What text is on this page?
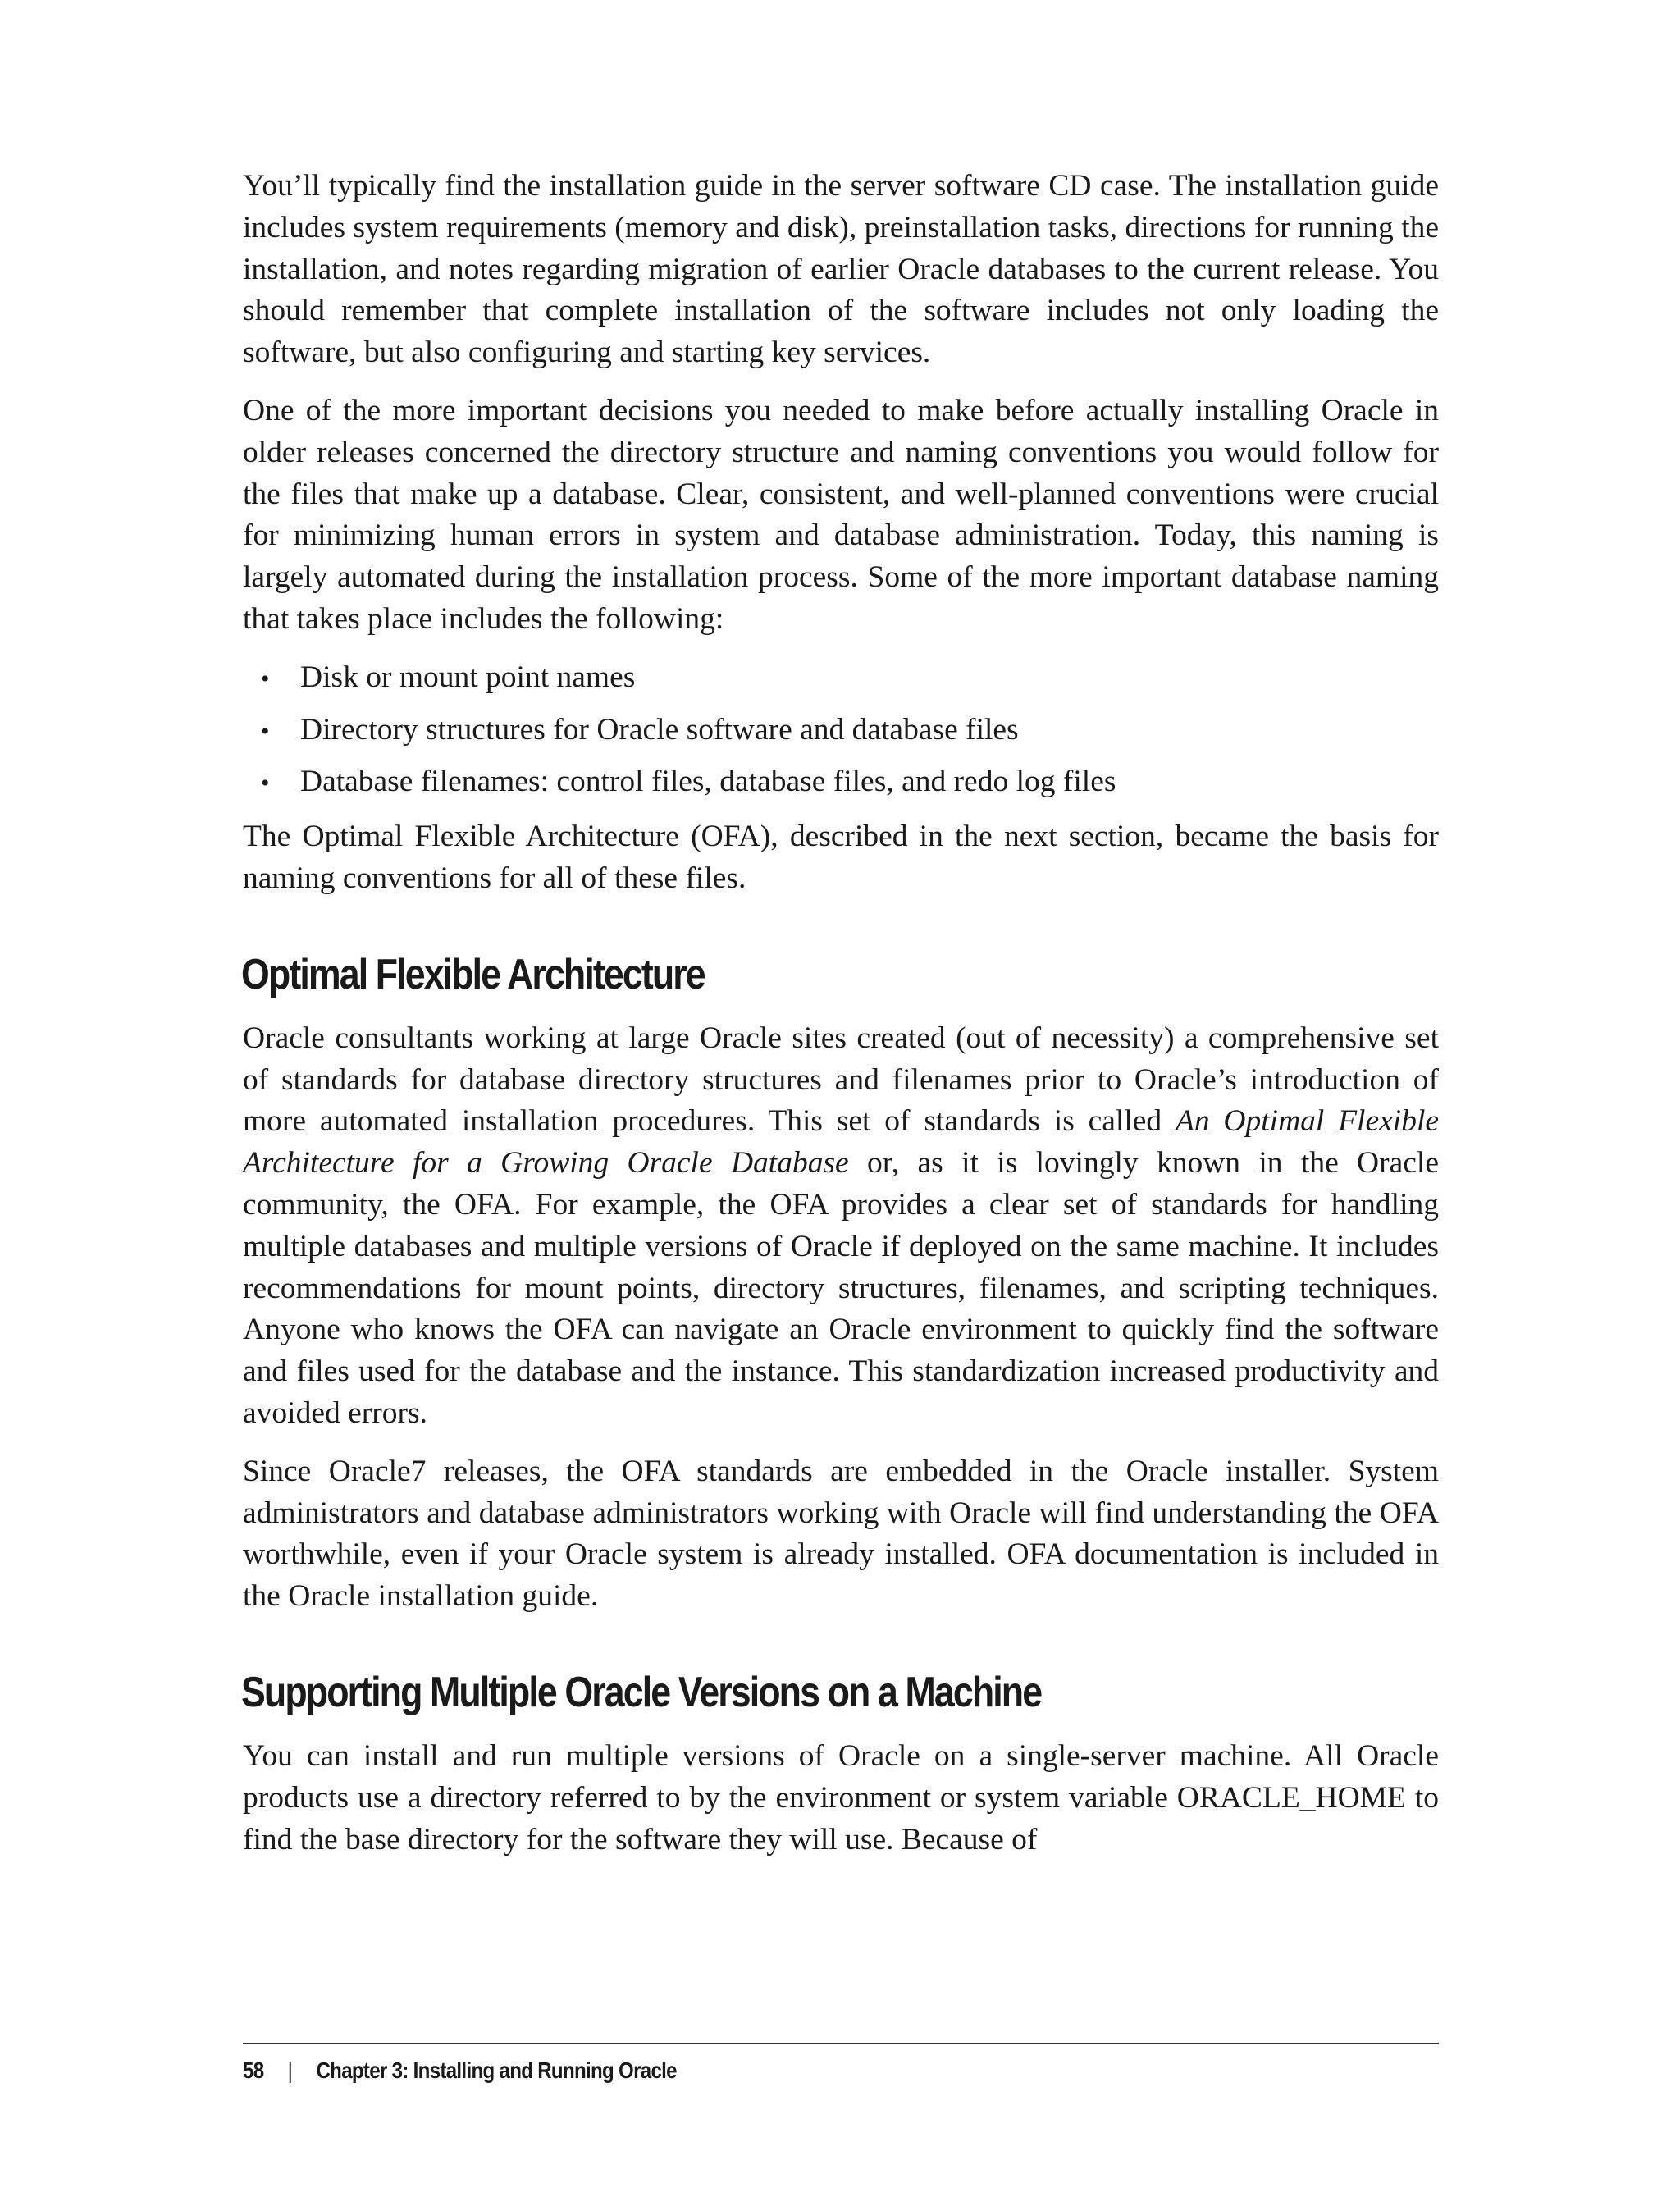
You’ll typically find the installation guide in the server software CD case. The installation guide includes system requirements (memory and disk), preinstallation tasks, directions for running the installation, and notes regarding migration of earlier Oracle databases to the current release. You should remember that complete installation of the software includes not only loading the software, but also configuring and starting key services.

One of the more important decisions you needed to make before actually installing Oracle in older releases concerned the directory structure and naming conventions you would follow for the files that make up a database. Clear, consistent, and well-planned conventions were crucial for minimizing human errors in system and database administration. Today, this naming is largely automated during the installation process. Some of the more important database naming that takes place includes the following:

• Disk or mount point names
• Directory structures for Oracle software and database files
• Database filenames: control files, database files, and redo log files

The Optimal Flexible Architecture (OFA), described in the next section, became the basis for naming conventions for all of these files.

Optimal Flexible Architecture

Oracle consultants working at large Oracle sites created (out of necessity) a comprehensive set of standards for database directory structures and filenames prior to Oracle’s introduction of more automated installation procedures. This set of standards is called An Optimal Flexible Architecture for a Growing Oracle Database or, as it is lovingly known in the Oracle community, the OFA. For example, the OFA provides a clear set of standards for handling multiple databases and multiple versions of Oracle if deployed on the same machine. It includes recommendations for mount points, directory structures, filenames, and scripting techniques. Anyone who knows the OFA can navigate an Oracle environment to quickly find the software and files used for the database and the instance. This standardization increased productivity and avoided errors.

Since Oracle7 releases, the OFA standards are embedded in the Oracle installer. System administrators and database administrators working with Oracle will find understanding the OFA worthwhile, even if your Oracle system is already installed. OFA documentation is included in the Oracle installation guide.

Supporting Multiple Oracle Versions on a Machine

You can install and run multiple versions of Oracle on a single-server machine. All Oracle products use a directory referred to by the environment or system variable ORACLE_HOME to find the base directory for the software they will use. Because of

58 | Chapter 3: Installing and Running Oracle
